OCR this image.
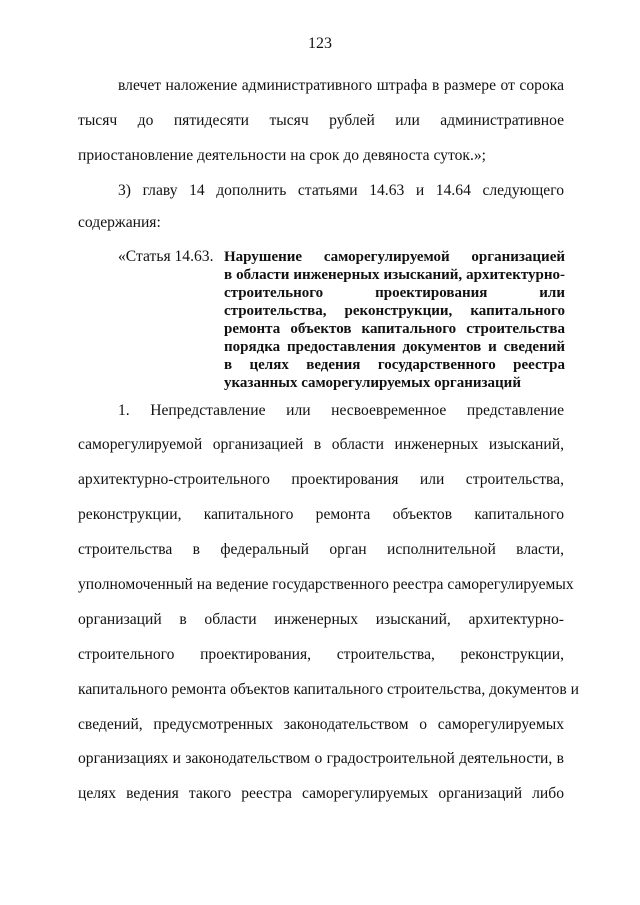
123
влечет наложение административного штрафа в размере от сорока
тысяч до пятидесяти тысяч рублей или административное
приостановление деятельности на срок до девяноста суток.»;
3) главу 14 дополнить статьями 14.63 и 14.64 следующего
содержания:
«Статья 14.63. Нарушение саморегулируемой организацией
в области инженерных изысканий, архитектурно-
строительного проектирования или
строительства, реконструкции, капитального
ремонта объектов капитального строительства
порядка предоставления документов и сведений
в целях ведения государственного реестра
указанных саморегулируемых организаций
1. Непредставление или несвоевременное представление
саморегулируемой организацией в области инженерных изысканий,
архитектурно-строительного проектирования или строительства,
реконструкции, капитального ремонта объектов капитального
строительства в федеральный орган исполнительной власти,
уполномоченный на ведение государственного реестра саморегулируемых
организаций в области инженерных изысканий, архитектурно-
строительного проектирования, строительства, реконструкции,
капитального ремонта объектов капитального строительства, документов и
сведений, предусмотренных законодательством о саморегулируемых
организациях и законодательством о градостроительной деятельности, в
целях ведения такого реестра саморегулируемых организаций либо
